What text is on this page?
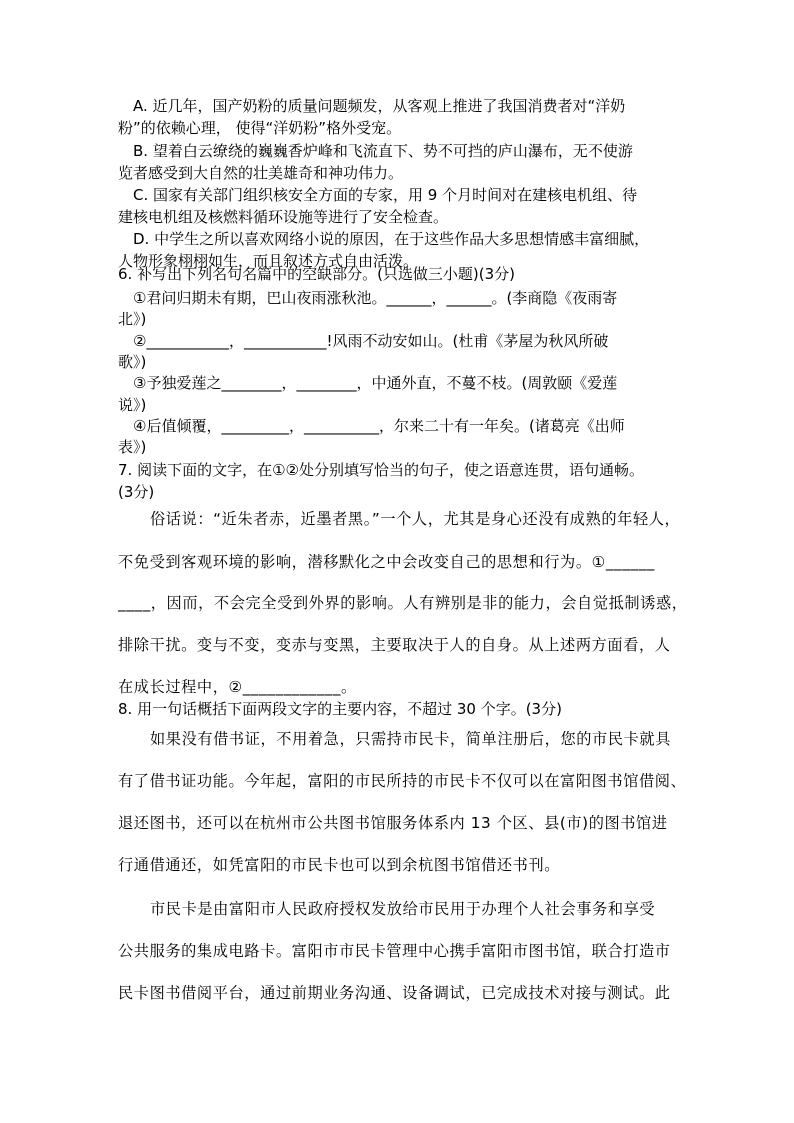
A. 近几年，国产奶粉的质量问题频发，从客观上推进了我国消费者对“洋奶
粉”的依赖心理， 使得“洋奶粉”格外受宠。
B. 望着白云缭绕的巍巍香炉峰和飞流直下、势不可挡的庐山瀑布，无不使游
览者感受到大自然的壮美雄奇和神功伟力。
C. 国家有关部门组织核安全方面的专家，用 9 个月时间对在建核电机组、待
建核电机组及核燃料循环设施等进行了安全检查。
D. 中学生之所以喜欢网络小说的原因，在于这些作品大多思想情感丰富细腻，
人物形象栩栩如生，而且叙述方式自由活泼。
6. 补写出下列名句名篇中的空缺部分。(只选做三小题)(3分)
①君问归期未有期，巴山夜雨涨秋池。______，______。(李商隐《夜雨寄
北》)
②___________，___________!风雨不动安如山。(杜甫《茅屋为秋风所破
歌》)
③予独爱莲之________，________，中通外直，不蔓不枝。(周敦颐《爱莲
说》)
④后值倾覆，_________，__________，尔来二十有一年矣。(诸葛亮《出师
表》)
7. 阅读下面的文字，在①②处分别填写恰当的句子，使之语意连贯，语句通畅。
(3分)
俗话说：“近朱者赤，近墨者黑。”一个人，尤其是身心还没有成熟的年轻人，
不免受到客观环境的影响，潜移默化之中会改变自己的思想和行为。①______
____，因而，不会完全受到外界的影响。人有辨别是非的能力，会自觉抵制诱惑，
排除干扰。变与不变，变赤与变黑，主要取决于人的自身。从上述两方面看，人
在成长过程中，②____________。
8. 用一句话概括下面两段文字的主要内容，不超过 30 个字。(3分)
如果没有借书证，不用着急，只需持市民卡，简单注册后，您的市民卡就具
有了借书证功能。今年起，富阳的市民所持的市民卡不仅可以在富阳图书馆借阅、
退还图书，还可以在杭州市公共图书馆服务体系内 13 个区、县(市)的图书馆进
行通借通还，如凭富阳的市民卡也可以到余杭图书馆借还书刊。
市民卡是由富阳市人民政府授权发放给市民用于办理个人社会事务和享受
公共服务的集成电路卡。富阳市市民卡管理中心携手富阳市图书馆，联合打造市
民卡图书借阅平台，通过前期业务沟通、设备调试，已完成技术对接与测试。此
